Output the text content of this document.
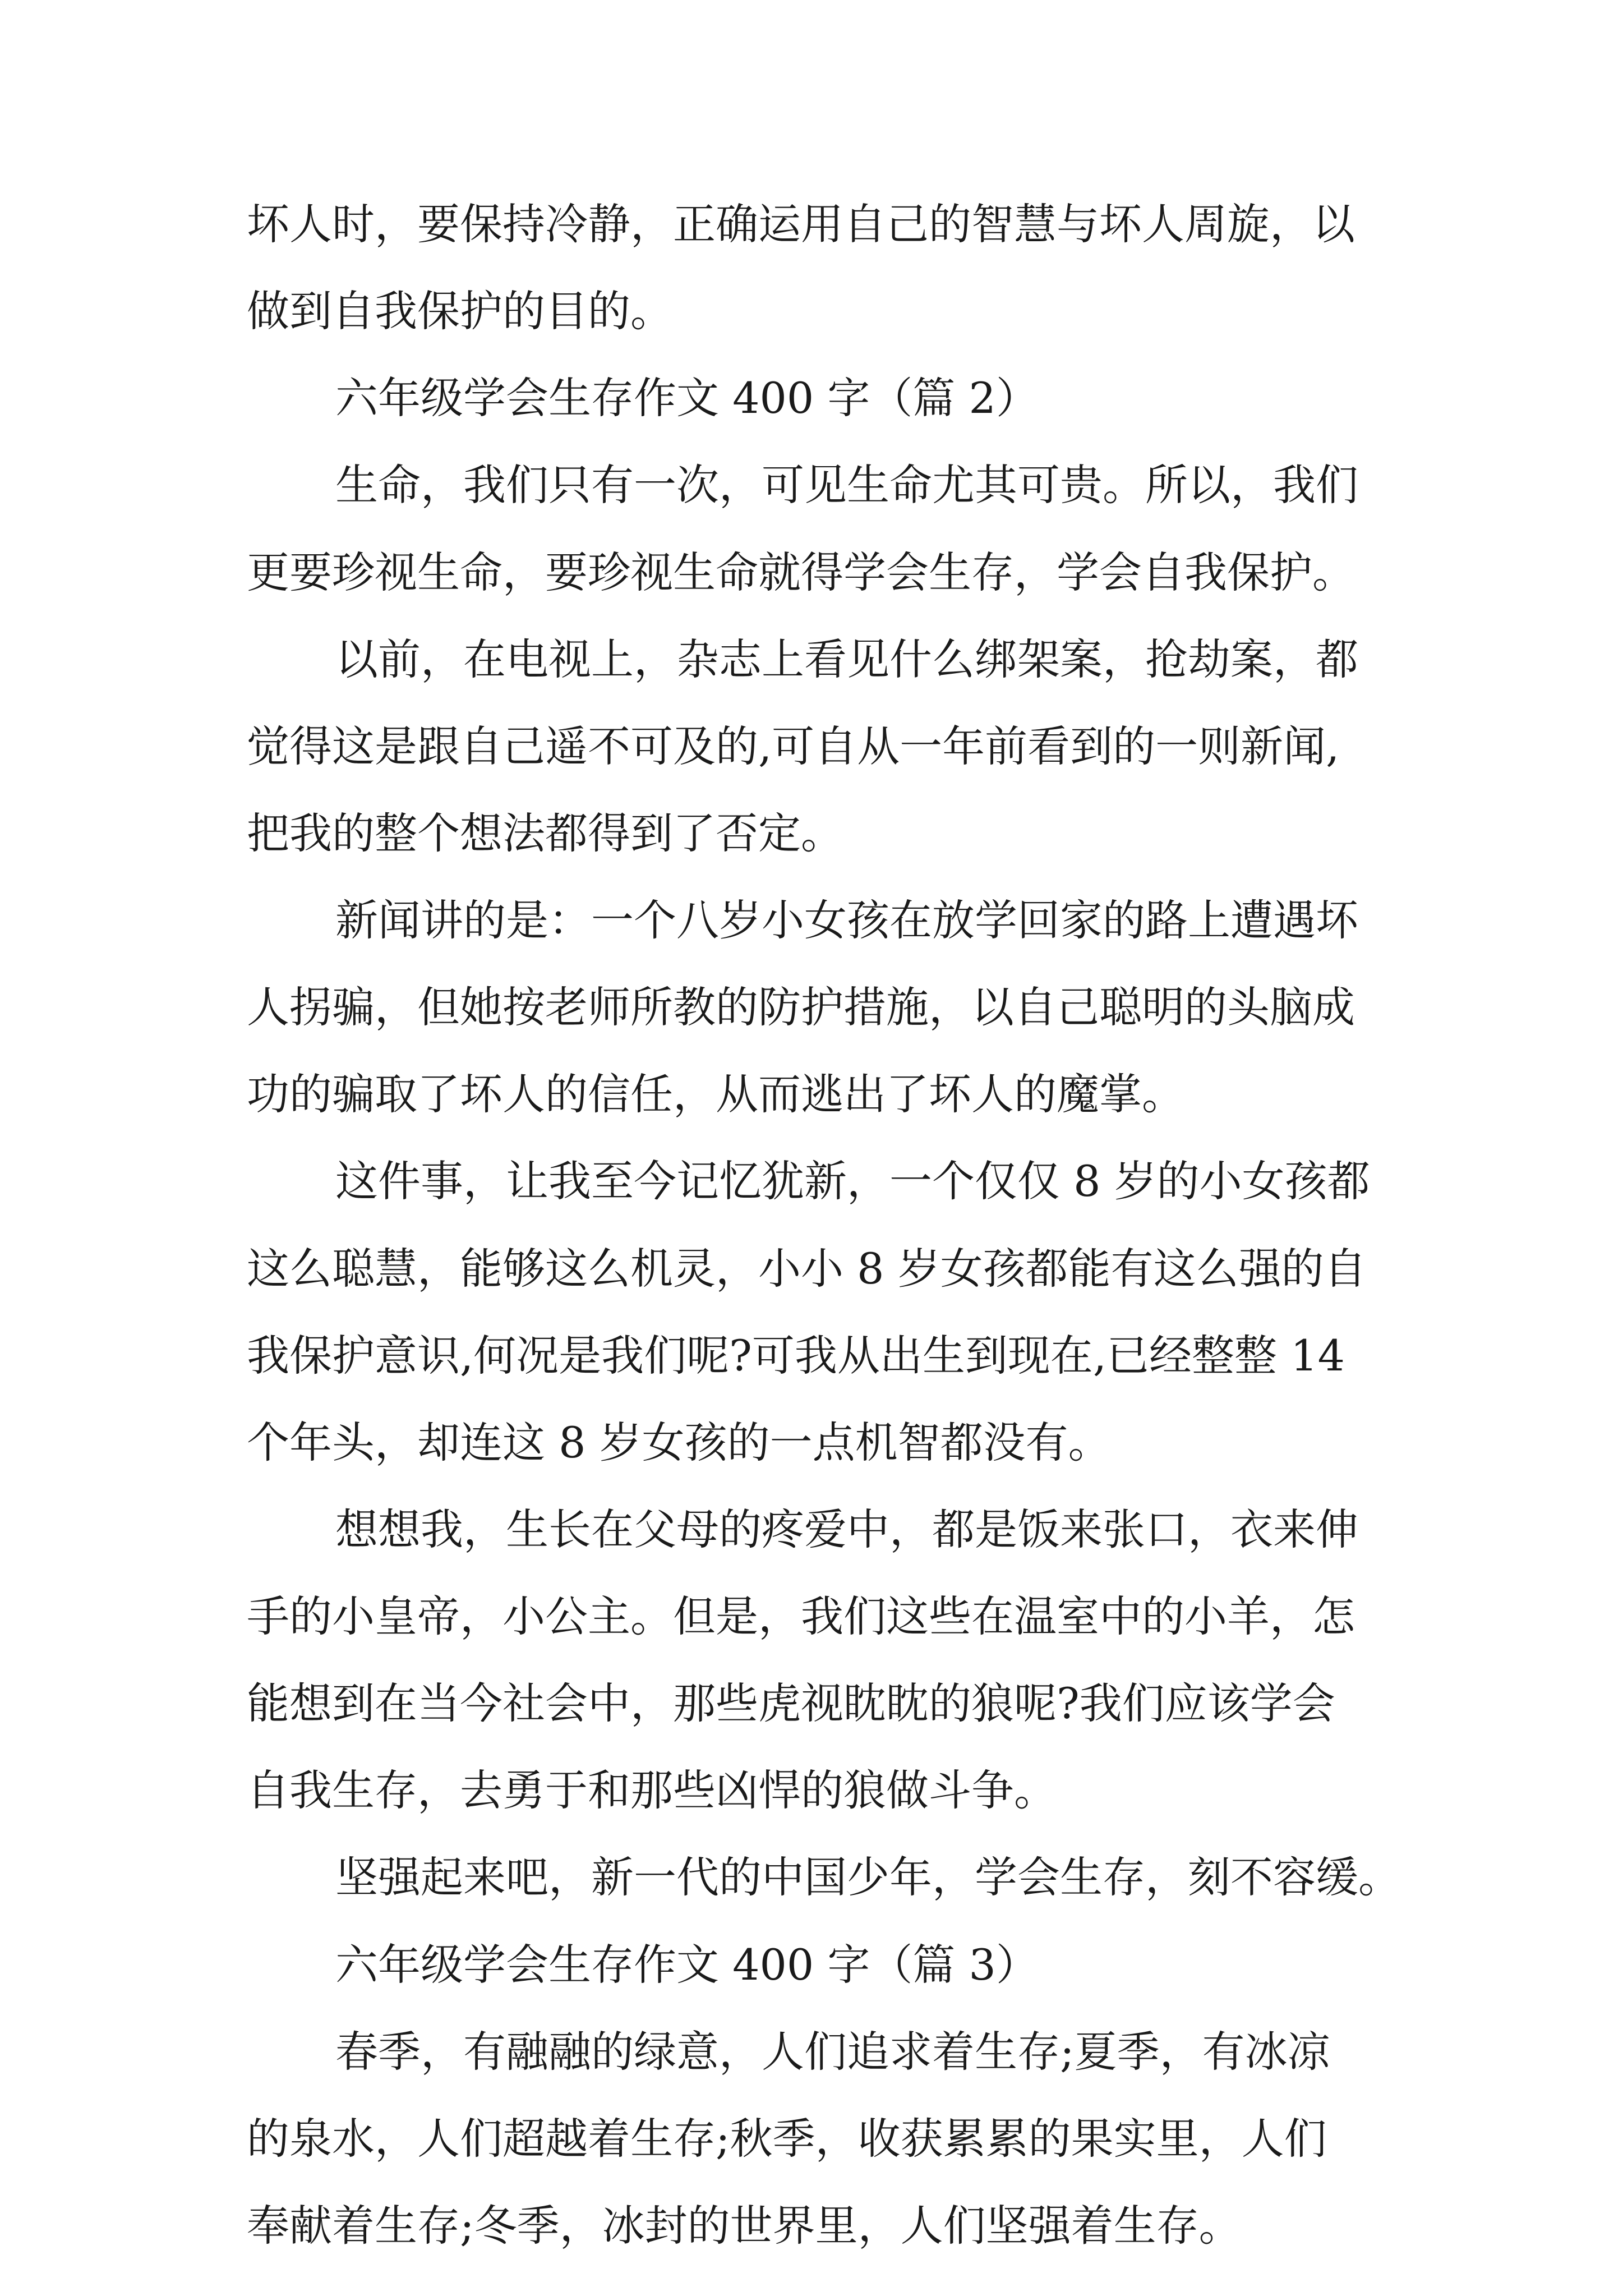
坏人时，要保持冷静，正确运用自己的智慧与坏人周旋，以

做到自我保护的目的。

六年级学会生存作文 400 字（篇 2）

生命，我们只有一次，可见生命尤其可贵。所以，我们

更要珍视生命，要珍视生命就得学会生存，学会自我保护。

以前，在电视上，杂志上看见什么绑架案，抢劫案，都

觉得这是跟自己遥不可及的,可自从一年前看到的一则新闻,

把我的整个想法都得到了否定。

新闻讲的是：一个八岁小女孩在放学回家的路上遭遇坏

人拐骗，但她按老师所教的防护措施，以自己聪明的头脑成

功的骗取了坏人的信任，从而逃出了坏人的魔掌。

这件事，让我至今记忆犹新，一个仅仅 8 岁的小女孩都

这么聪慧，能够这么机灵，小小 8 岁女孩都能有这么强的自

我保护意识,何况是我们呢?可我从出生到现在,已经整整 14

个年头，却连这 8 岁女孩的一点机智都没有。

想想我，生长在父母的疼爱中，都是饭来张口，衣来伸

手的小皇帝，小公主。但是，我们这些在温室中的小羊，怎

能想到在当今社会中，那些虎视眈眈的狼呢?我们应该学会

自我生存，去勇于和那些凶悍的狼做斗争。

坚强起来吧，新一代的中国少年，学会生存，刻不容缓。

六年级学会生存作文 400 字（篇 3）

春季，有融融的绿意，人们追求着生存;夏季，有冰凉

的泉水，人们超越着生存;秋季，收获累累的果实里，人们

奉献着生存;冬季，冰封的世界里，人们坚强着生存。
